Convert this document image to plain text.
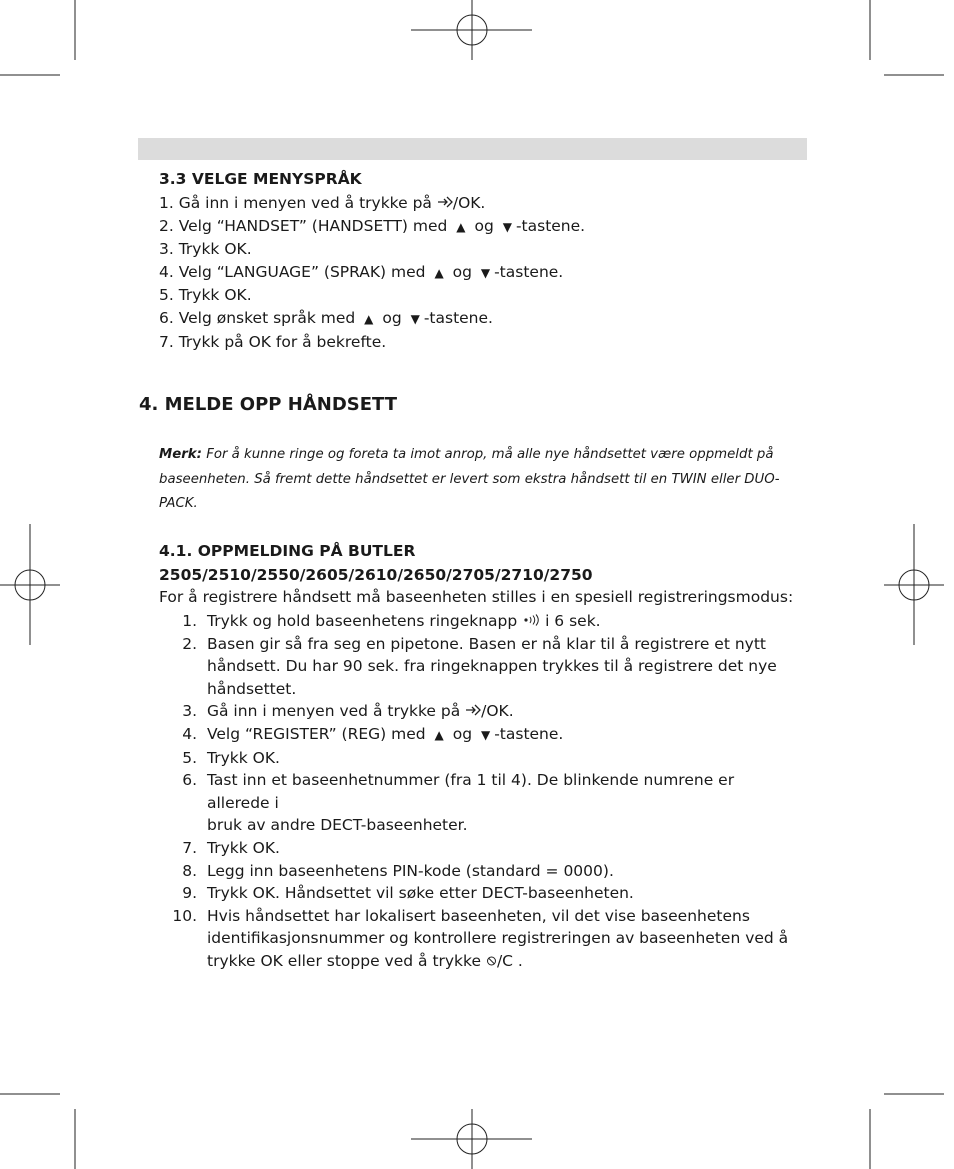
3.3 VELGE MENYSPRÅK
1. Gå inn i menyen ved å trykke på /OK.
2. Velg “HANDSET” (HANDSETT) med ▲ og ▼ -tastene.
3. Trykk OK.
4. Velg “LANGUAGE” (SPRAK) med ▲ og ▼ -tastene.
5. Trykk OK.
6. Velg ønsket språk med ▲ og ▼ -tastene.
7. Trykk på OK for å bekrefte.
4. MELDE OPP HÅNDSETT
Merk: For å kunne ringe og foreta ta imot anrop, må alle nye håndsettet være oppmeldt på baseenheten. Så fremt dette håndsettet er levert som ekstra håndsett til en TWIN eller DUO-PACK.
4.1. OPPMELDING PÅ BUTLER
2505/2510/2550/2605/2610/2650/2705/2710/2750
For å registrere håndsett må baseenheten stilles i en spesiell registreringsmodus:
1. Trykk og hold baseenhetens ringeknapp  i 6 sek.
2. Basen gir så fra seg en pipetone. Basen er nå klar til å registrere et nytt
håndsett. Du har 90 sek. fra ringeknappen trykkes til å registrere det nye
håndsettet.
3. Gå inn i menyen ved å trykke på /OK.
4. Velg “REGISTER” (REG) med ▲ og ▼ -tastene.
5. Trykk OK.
6. Tast inn et baseenhetnummer (fra 1 til 4). De blinkende numrene er allerede i
bruk av andre DECT-baseenheter.
7. Trykk OK.
8. Legg inn baseenhetens PIN-kode (standard = 0000).
9. Trykk OK. Håndsettet vil søke etter DECT-baseenheten.
10. Hvis håndsettet har lokalisert baseenheten, vil det vise baseenhetens
identifikasjonsnummer og kontrollere registreringen av baseenheten ved å
trykke OK eller stoppe ved å trykke /C .
